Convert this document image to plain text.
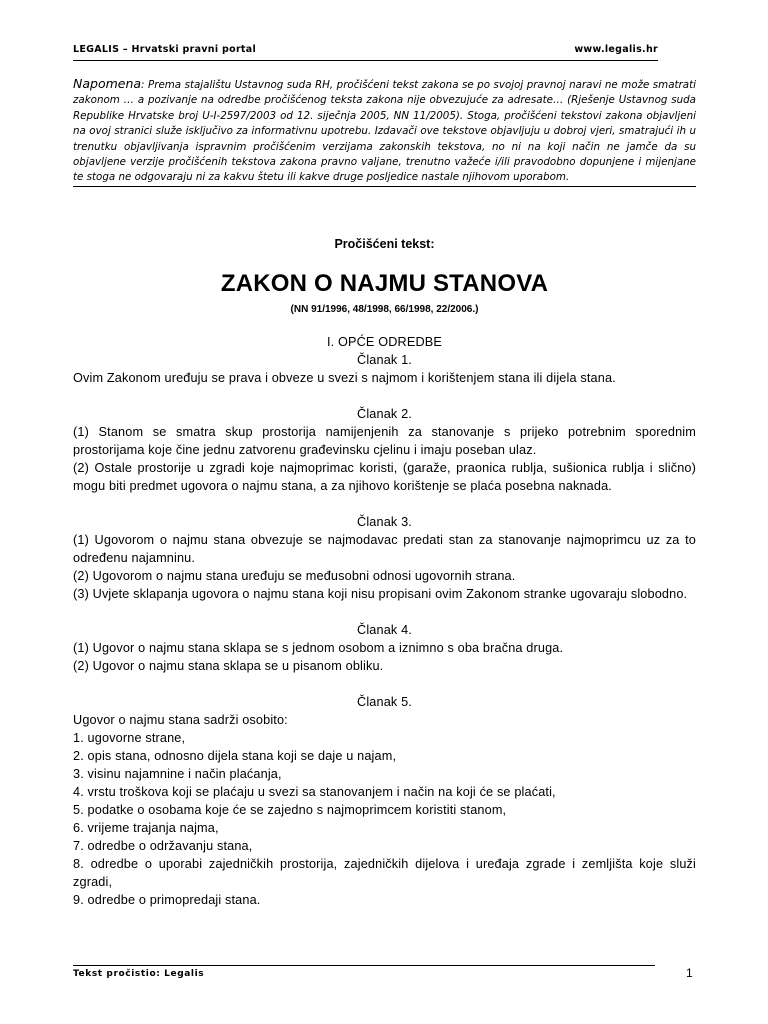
LEGALIS – Hrvatski pravni portal	www.legalis.hr
Napomena: Prema stajalištu Ustavnog suda RH, pročišćeni tekst zakona se po svojoj pravnoj naravi ne može smatrati zakonom … a pozivanje na odredbe pročišćenog teksta zakona nije obvezujuće za adresate… (Rješenje Ustavnog suda Republike Hrvatske broj U-I-2597/2003 od 12. siječnja 2005, NN 11/2005). Stoga, pročišćeni tekstovi zakona objavljeni na ovoj stranici služe isključivo za informativnu upotrebu. Izdavači ove tekstove objavljuju u dobroj vjeri, smatrajući ih u trenutku objavljivanja ispravnim pročišćenim verzijama zakonskih tekstova, no ni na koji način ne jamče da su objavljene verzije pročišćenih tekstova zakona pravno valjane, trenutno važeće i/ili pravodobno dopunjene i mijenjane te stoga ne odgovaraju ni za kakvu štetu ili kakve druge posljedice nastale njihovom uporabom.
Pročišćeni tekst:
ZAKON O NAJMU STANOVA
(NN 91/1996, 48/1998, 66/1998, 22/2006.)
I. OPĆE ODREDBE
Članak 1.
Ovim Zakonom uređuju se prava i obveze u svezi s najmom i korištenjem stana ili dijela stana.
Članak 2.
(1) Stanom se smatra skup prostorija namijenjenih za stanovanje s prijeko potrebnim sporednim prostorijama koje čine jednu zatvorenu građevinsku cjelinu i imaju poseban ulaz.
(2) Ostale prostorije u zgradi koje najmoprimac koristi, (garaže, praonica rublja, sušionica rublja i slično) mogu biti predmet ugovora o najmu stana, a za njihovo korištenje se plaća posebna naknada.
Članak 3.
(1) Ugovorom o najmu stana obvezuje se najmodavac predati stan za stanovanje najmoprimcu uz za to određenu najamninu.
(2) Ugovorom o najmu stana uređuju se međusobni odnosi ugovornih strana.
(3) Uvjete sklapanja ugovora o najmu stana koji nisu propisani ovim Zakonom stranke ugovaraju slobodno.
Članak 4.
(1) Ugovor o najmu stana sklapa se s jednom osobom a iznimno s oba bračna druga.
(2) Ugovor o najmu stana sklapa se u pisanom obliku.
Članak 5.
Ugovor o najmu stana sadrži osobito:
1. ugovorne strane,
2. opis stana, odnosno dijela stana koji se daje u najam,
3. visinu najamnine i način plaćanja,
4. vrstu troškova koji se plaćaju u svezi sa stanovanjem i način na koji će se plaćati,
5. podatke o osobama koje će se zajedno s najmoprimcem koristiti stanom,
6. vrijeme trajanja najma,
7. odredbe o održavanju stana,
8. odredbe o uporabi zajedničkih prostorija, zajedničkih dijelova i uređaja zgrade i zemljišta koje služi zgradi,
9. odredbe o primopredaji stana.
Tekst pročistio: Legalis	1
